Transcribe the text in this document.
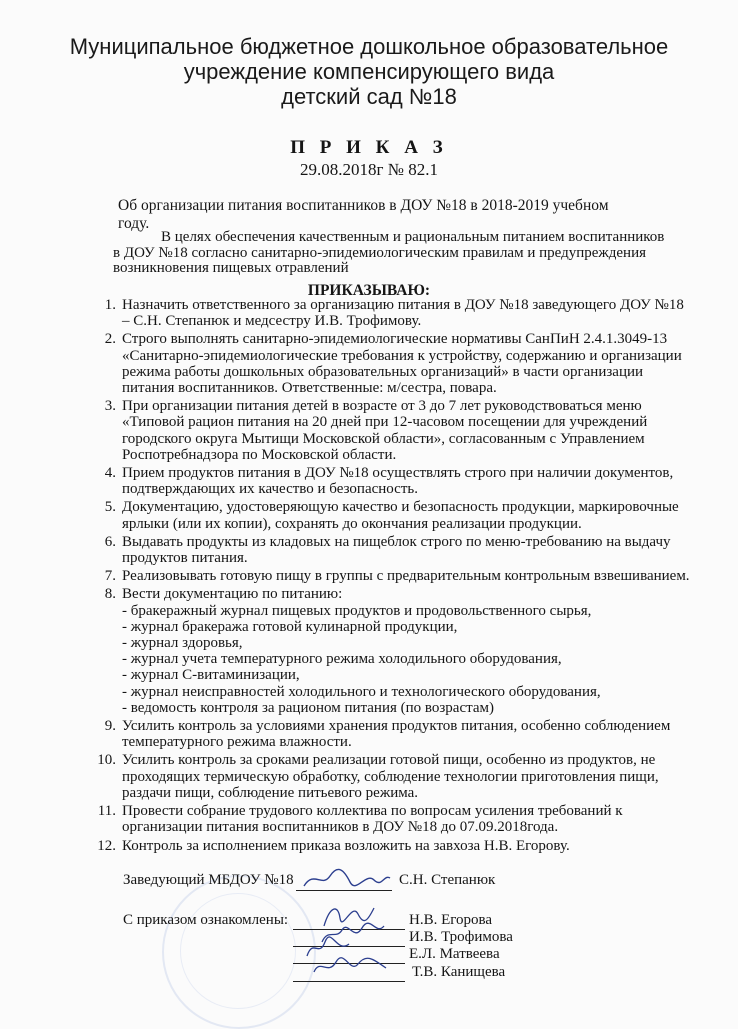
Муниципальное бюджетное дошкольное образовательное
учреждение компенсирующего вида
детский сад №18
П Р И К А З
29.08.2018г № 82.1
Об организации питания воспитанников в ДОУ №18 в 2018-2019 учебном году.
В целях обеспечения качественным и рациональным питанием воспитанников в ДОУ №18 согласно санитарно-эпидемиологическим правилам и предупреждения возникновения пищевых отравлений
ПРИКАЗЫВАЮ:
1. Назначить ответственного за организацию питания в ДОУ №18 заведующего ДОУ №18 – С.Н. Степанюк и медсестру И.В. Трофимову.
2. Строго выполнять санитарно-эпидемиологические нормативы СанПиН 2.4.1.3049-13 «Санитарно-эпидемиологические требования к устройству, содержанию и организации режима работы дошкольных образовательных организаций» в части организации питания воспитанников. Ответственные: м/сестра, повара.
3. При организации питания детей в возрасте от 3 до 7 лет руководствоваться меню «Типовой рацион питания на 20 дней при 12-часовом посещении для учреждений городского округа Мытищи Московской области», согласованным с Управлением Роспотребнадзора по Московской области.
4. Прием продуктов питания в ДОУ №18 осуществлять строго при наличии документов, подтверждающих их качество и безопасность.
5. Документацию, удостоверяющую качество и безопасность продукции, маркировочные ярлыки (или их копии), сохранять до окончания реализации продукции.
6. Выдавать продукты из кладовых на пищеблок строго по меню-требованию на выдачу продуктов питания.
7. Реализовывать готовую пищу в группы с предварительным контрольным взвешиванием.
8. Вести документацию по питанию:
- бракеражный журнал пищевых продуктов и продовольственного сырья,
- журнал бракеража готовой кулинарной продукции,
- журнал здоровья,
- журнал учета температурного режима холодильного оборудования,
- журнал С-витаминизации,
- журнал неисправностей холодильного и технологического оборудования,
- ведомость контроля за рационом питания (по возрастам)
9. Усилить контроль за условиями хранения продуктов питания, особенно соблюдением температурного режима влажности.
10. Усилить контроль за сроками реализации готовой пищи, особенно из продуктов, не проходящих термическую обработку, соблюдение технологии приготовления пищи, раздачи пищи, соблюдение питьевого режима.
11. Провести собрание трудового коллектива по вопросам усиления требований к организации питания воспитанников в ДОУ №18 до 07.09.2018года.
12. Контроль за исполнением приказа возложить на завхоза Н.В. Егорову.
Заведующий МБДОУ №18	С.Н. Степанюк
С приказом ознакомлены:	Н.В. Егорова
И.В. Трофимова
Е.Л. Матвеева
Т.В. Канищева
